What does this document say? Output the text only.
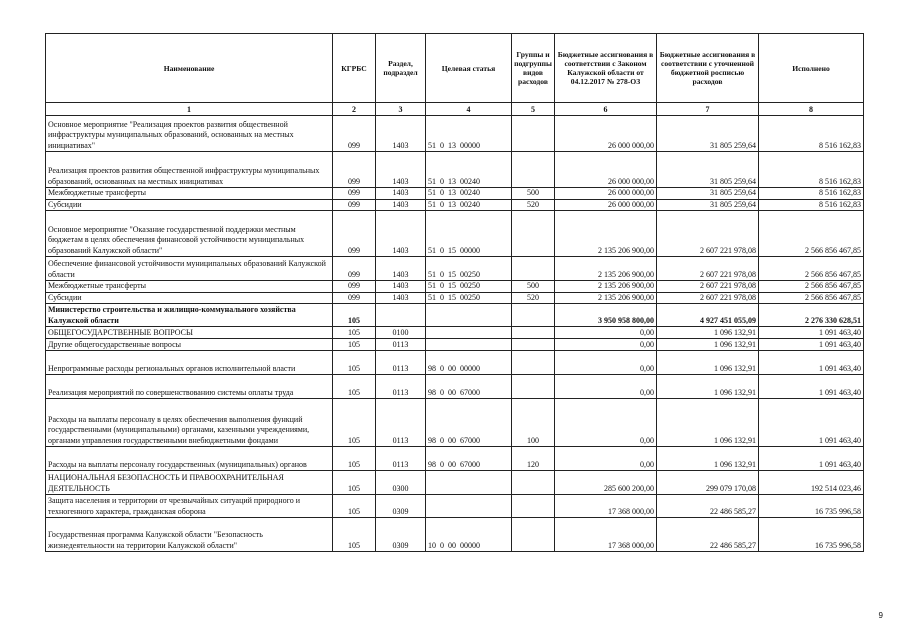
Наименование	КГРБС	Раздел, подраздел	Целевая статья	Группы и подгруппы видов расходов	Бюджетные ассигнования в соответствии с Законом Калужской области от 04.12.2017 № 278-ОЗ	Бюджетные ассигнования в соответствии с уточненной бюджетной росписью расходов	Исполнено
1	2	3	4	5	6	7	8
Основное мероприятие "Реализация проектов развития общественной инфраструктуры муниципальных образований, основанных на местных инициативах"	099	1403	51  0  13  00000		26 000 000,00	31 805 259,64	8 516 162,83
Реализация проектов развития общественной инфраструктуры муниципальных образований, основанных на местных инициативах	099	1403	51  0  13  00240		26 000 000,00	31 805 259,64	8 516 162,83
Межбюджетные трансферты	099	1403	51  0  13  00240	500	26 000 000,00	31 805 259,64	8 516 162,83
Субсидии	099	1403	51  0  13  00240	520	26 000 000,00	31 805 259,64	8 516 162,83
Основное мероприятие "Оказание государственной поддержки местным бюджетам в целях обеспечения финансовой устойчивости муниципальных образований Калужской области"	099	1403	51  0  15  00000		2 135 206 900,00	2 607 221 978,08	2 566 856 467,85
Обеспечение финансовой устойчивости муниципальных образований Калужской области	099	1403	51  0  15  00250		2 135 206 900,00	2 607 221 978,08	2 566 856 467,85
Межбюджетные трансферты	099	1403	51  0  15  00250	500	2 135 206 900,00	2 607 221 978,08	2 566 856 467,85
Субсидии	099	1403	51  0  15  00250	520	2 135 206 900,00	2 607 221 978,08	2 566 856 467,85
Министерство строительства и жилищно-коммунального хозяйства Калужской области	105				3 950 958 800,00	4 927 451 055,09	2 276 330 628,51
ОБЩЕГОСУДАРСТВЕННЫЕ ВОПРОСЫ	105	0100			0,00	1 096 132,91	1 091 463,40
Другие общегосударственные вопросы	105	0113			0,00	1 096 132,91	1 091 463,40
Непрограммные расходы региональных органов исполнительной власти	105	0113	98  0  00  00000		0,00	1 096 132,91	1 091 463,40
Реализация мероприятий по совершенствованию системы оплаты труда	105	0113	98  0  00  67000		0,00	1 096 132,91	1 091 463,40
Расходы на выплаты персоналу в целях обеспечения выполнения функций государственными (муниципальными) органами, казенными учреждениями, органами управления государственными внебюджетными фондами	105	0113	98  0  00  67000	100	0,00	1 096 132,91	1 091 463,40
Расходы на выплаты персоналу государственных (муниципальных) органов	105	0113	98  0  00  67000	120	0,00	1 096 132,91	1 091 463,40
НАЦИОНАЛЬНАЯ БЕЗОПАСНОСТЬ И ПРАВООХРАНИТЕЛЬНАЯ ДЕЯТЕЛЬНОСТЬ	105	0300			285 600 200,00	299 079 170,08	192 514 023,46
Защита населения и территории от чрезвычайных ситуаций природного и техногенного характера, гражданская оборона	105	0309			17 368 000,00	22 486 585,27	16 735 996,58
Государственная программа Калужской области "Безопасность жизнедеятельности на территории Калужской области"	105	0309	10  0  00  00000		17 368 000,00	22 486 585,27	16 735 996,58
9
